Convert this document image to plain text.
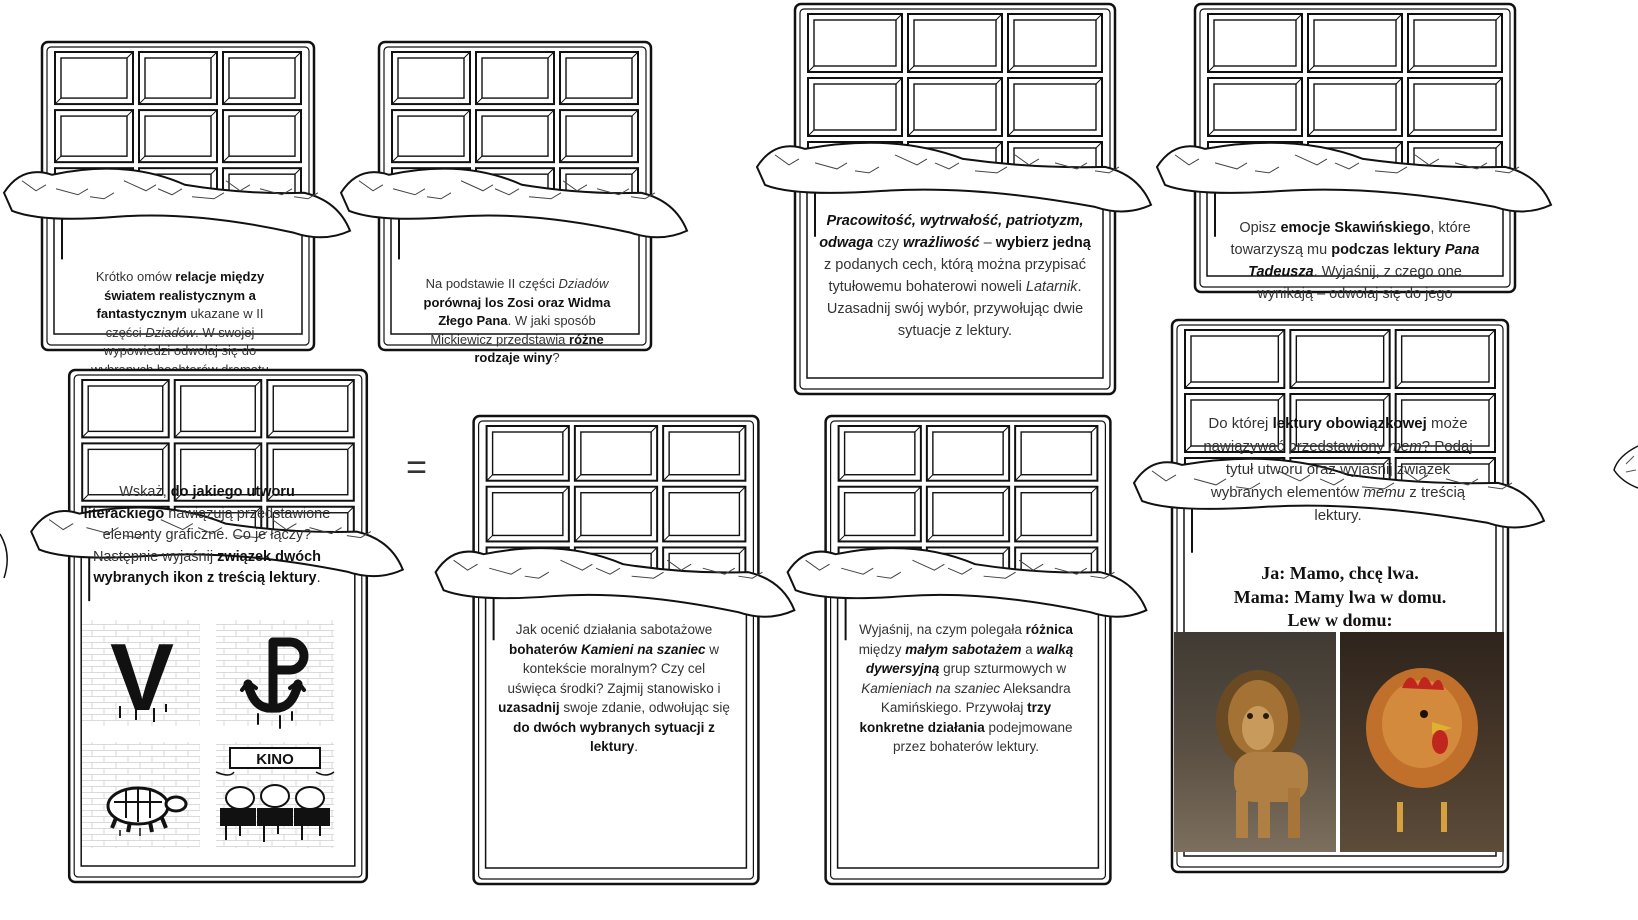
Krótko omów relacje między światem realistycznym a fantastycznym ukazane w II części Dziadów. W swojej wypowiedzi odwołaj się do
Na podstawie II części Dziadów porównaj los Zosi oraz Widma Złego Pana. W jaki sposób Mickiewicz przedstawia różne rodzaje winy?
Pracowitość, wytrwałość, patriotyzm, odwaga czy wrażliwość – wybierz jedną z podanych cech, którą można przypisać tytułowemu bohaterowi noweli Latarnik. Uzasadnij swój wybór, przywołując dwie sytuacje z lektury.
Opisz emocje Skawińskiego, które towarzyszą mu podczas lektury Pana Tadeusza. Wyjaśnij, z czego one wynikają – odwołaj się do jego
Wskaż, do jakiego utworu literackiego nawiązują przedstawione elementy graficzne. Co je łączy? Następnie wyjaśnij związek dwóch wybranych ikon z treścią lektury.
V
KINO
=
Jak ocenić działania sabotażowe bohaterów Kamieni na szaniec w kontekście moralnym? Czy cel uświęca środki? Zajmij stanowisko i uzasadnij swoje zdanie, odwołując się do dwóch wybranych sytuacji z lektury.
Wyjaśnij, na czym polegała różnica między małym sabotażem a walką dywersyjną grup szturmowych w Kamieniach na szaniec Aleksandra Kamińskiego. Przywołaj trzy konkretne działania podejmowane przez bohaterów lektury.
Do której lektury obowiązkowej może nawiązywać przedstawiony mem? Podaj tytuł utworu oraz wyjaśnij związek wybranych elementów memu z treścią lektury.
Ja: Mamo, chcę lwa.
Mama: Mamy lwa w domu.
Lew w domu:
